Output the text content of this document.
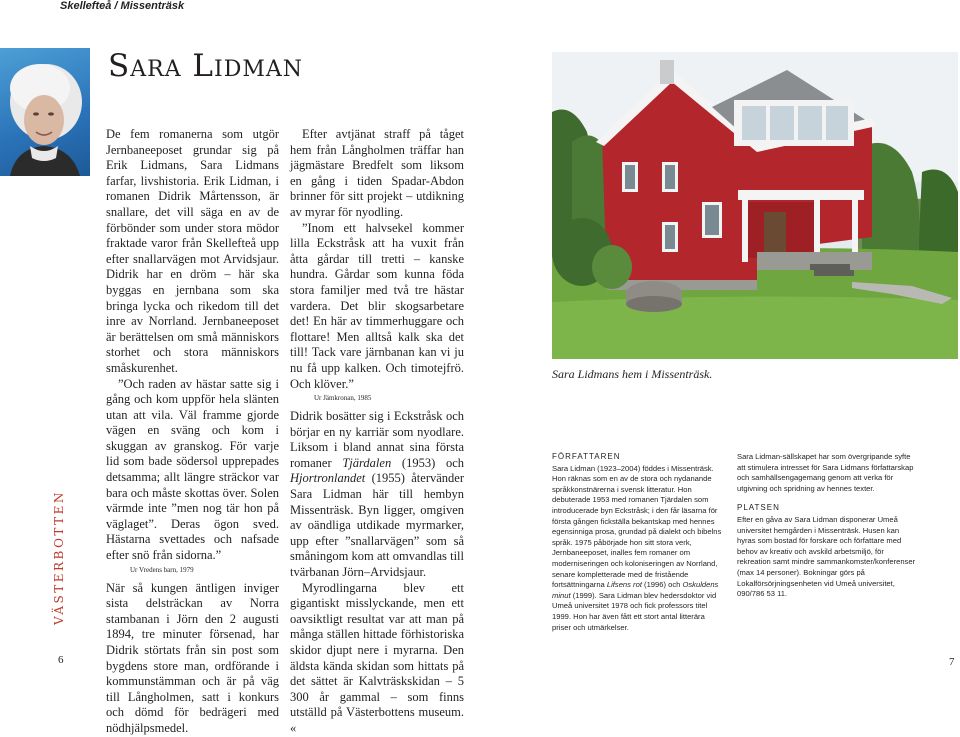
Skellefteå / Missenträsk
Sara Lidman
VÄSTERBOTTEN

De fem romanerna som utgör Jernbaneeposet grundar sig på Erik Lidmans, Sara Lidmans farfar, livshistoria. Erik Lidman, i romanen Didrik Mårtensson, är snallare, det vill säga en av de förbönder som under stora mödor fraktade varor från Skellefteå upp efter snallarvägen mot Arvidsjaur. Didrik har en dröm – här ska byggas en jernbana som ska bringa lycka och rikedom till det inre av Norrland. Jernbaneeposet är berättelsen om små människors storhet och stora människors småskurenhet.

”Och raden av hästar satte sig i gång och kom uppför hela slänten utan att vila. Väl framme gjorde vägen en sväng och kom i skuggan av granskog. För varje lid som bade södersol upprepades detsamma; allt längre sträckor var bara och måste skottas över. Solen värmde inte ”men nog tär hon på väglaget”. Deras ögon sved. Hästarna svettades och nafsade efter snö från sidorna.”

Ur Vredens barn, 1979

När så kungen äntligen inviger sista delsträckan av Norra stambanan i Jörn den 2 augusti 1894, tre minuter försenad, har Didrik störtats från sin post som bygdens store man, ordförande i kommunstämman och är på väg till Långholmen, satt i konkurs och dömd för bedrägeri med nödhjälpsmedel.

Efter avtjänat straff på tåget hem från Långholmen träffar han jägmästare Bredfelt som liksom en gång i tiden Spadar-Abdon brinner för sitt projekt – utdikning av myrar för nyodling.

”Inom ett halvsekel kommer lilla Eckstråsk att ha vuxit från åtta gårdar till tretti – kanske hundra. Gårdar som kunna föda stora familjer med två tre hästar vardera. Det blir skogsarbetare det! En här av timmerhuggare och flottare! Men alltså kalk ska det till! Tack vare järnbanan kan vi ju nu få upp kalken. Och timotejfrö. Och klöver.”

Ur Jämkronan, 1985

Didrik bosätter sig i Eckstråsk och börjar en ny karriär som nyodlare. Liksom i bland annat sina första romaner Tjärdalen (1953) och Hjortronlandet (1955) återvänder Sara Lidman här till hembyn Missenträsk. Byn ligger, omgiven av oändliga utdikade myrmarker, upp efter ”snallarvägen” som så småningom kom att omvandlas till tvärbanan Jörn–Arvidsjaur.

Myrodlingarna blev ett gigantiskt misslyckande, men ett oavsiktligt resultat var att man på många ställen hittade förhistoriska skidor djupt nere i myrarna. Den äldsta kända skidan som hittats på det sättet är Kalvträskskidan – 5 300 år gammal – som finns utställd på Västerbottens museum. «

Sara Lidmans hem i Missenträsk.
FÖRFATTAREN

Sara Lidman (1923–2004) föddes i Missenträsk. Hon räknas som en av de stora och nydanande språkkonstnärerna i svensk litteratur. Hon debuterade 1953 med romanen Tjärdalen som introducerade byn Eckstråsk; i den får läsarna för första gången fickställa bekantskap med hennes egensinniga prosa, grundad på dialekt och bibelns språk. 1975 påbörjade hon sitt stora verk, Jernbaneeposet, inalles fem romaner om moderniseringen och koloniseringen av Norrland, senare kompletterade med de fristående fortsättningarna Lifsens rot (1996) och Oskuldens minut (1999). Sara Lidman blev hedersdoktor vid Umeå universitet 1978 och fick professors titel 1999. Hon har även fått ett stort antal litterära priser och utmärkelser.

Sara Lidman-sällskapet har som övergripande syfte att stimulera intresset för Sara Lidmans författarskap och samhällsengagemang genom att verka för utgivning och spridning av hennes texter.

PLATSEN

Efter en gåva av Sara Lidman disponerar Umeå universitet hemgården i Missenträsk. Husen kan hyras som bostad för forskare och författare med behov av kreativ och avskild arbetsmiljö, för rekreation samt mindre sammankomster/konferenser (max 14 personer). Bokningar görs på Lokalförsörjningsenheten vid Umeå universitet, 090/786 53 11.

6	7
